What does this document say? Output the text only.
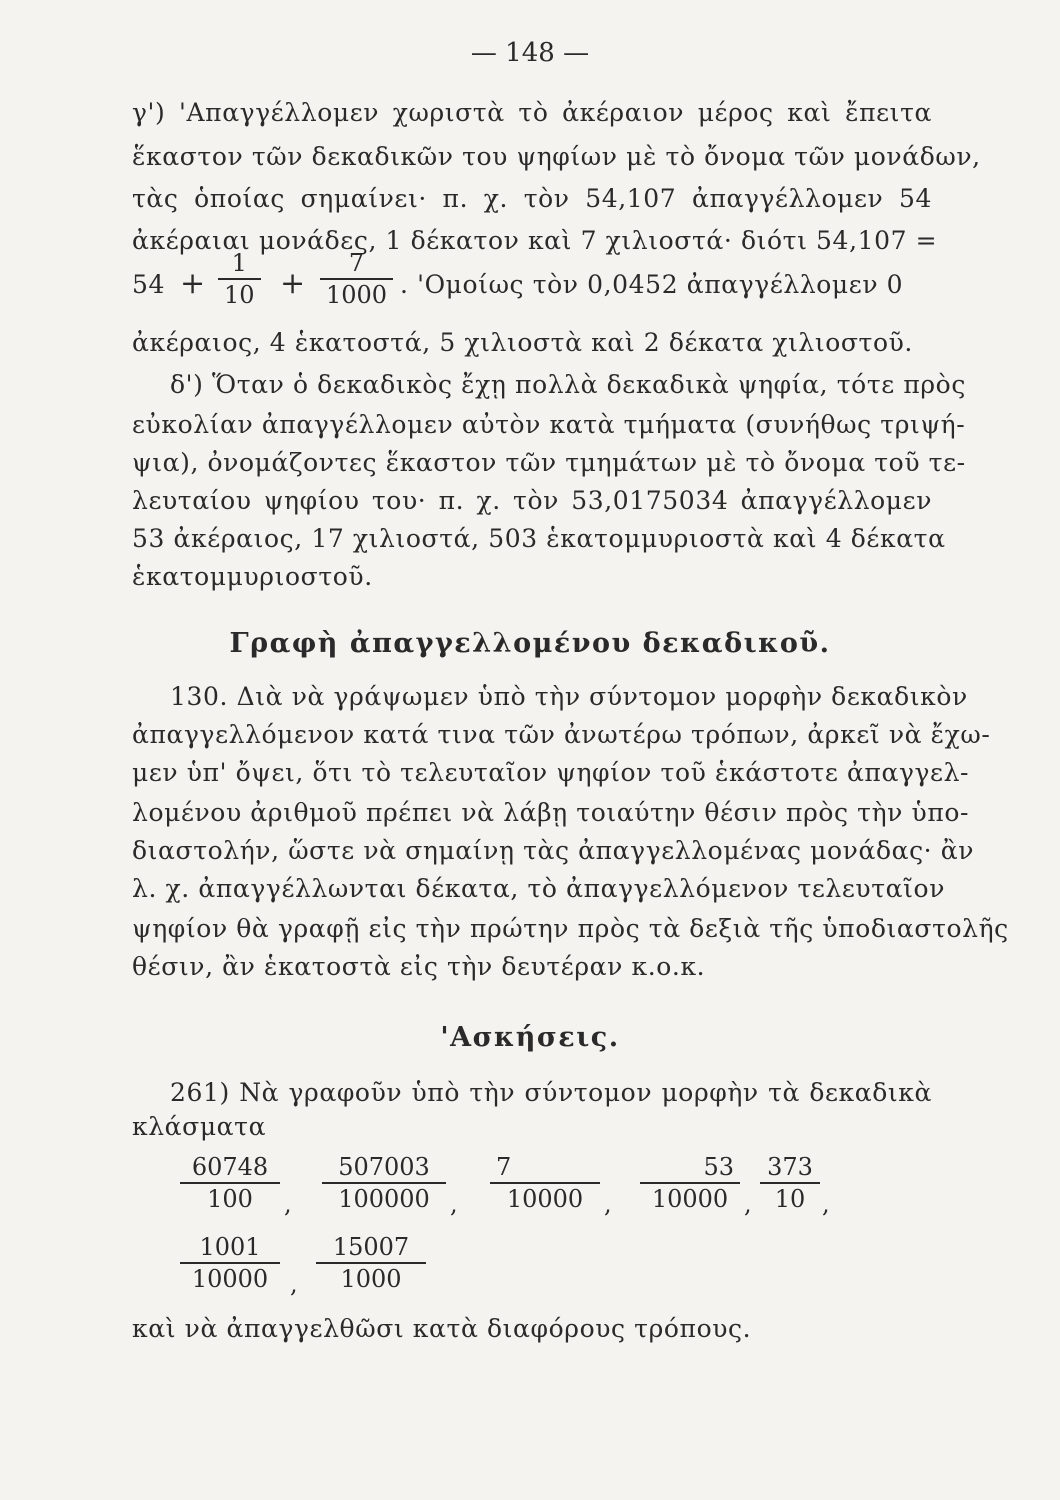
— 148 —
γ') 'Απαγγέλλομεν χωριστὰ τὸ ἀκέραιον μέρος καὶ ἔπειτα
ἕκαστον τῶν δεκαδικῶν του ψηφίων μὲ τὸ ὄνομα τῶν μονάδων,
τὰς ὁποίας σημαίνει· π. χ. τὸν 54,107 ἀπαγγέλλομεν 54
ἀκέραιαι μονάδες, 1 δέκατον καὶ 7 χιλιοστά· διότι 54,107 =
$54 + \frac{1}{10} + \frac{7}{1000}$ . 'Ομοίως τὸν 0,0452 ἀπαγγέλλομεν 0
ἀκέραιος, 4 ἑκατοστά, 5 χιλιοστὰ καὶ 2 δέκατα χιλιοστοῦ.
δ') Ὅταν ὁ δεκαδικὸς ἔχῃ πολλὰ δεκαδικὰ ψηφία, τότε πρὸς
εὐκολίαν ἀπαγγέλλομεν αὐτὸν κατὰ τμήματα (συνήθως τριψή-
ψια), ὀνομάζοντες ἕκαστον τῶν τμημάτων μὲ τὸ ὄνομα τοῦ τε-
λευταίου ψηφίου του· π. χ. τὸν 53,0175034 ἀπαγγέλλομεν
53 ἀκέραιος, 17 χιλιοστά, 503 ἑκατομμυριοστὰ καὶ 4 δέκατα
ἑκατομμυριοστοῦ.
Γραφὴ ἀπαγγελλομένου δεκαδικοῦ.
130. Διὰ νὰ γράψωμεν ὑπὸ τὴν σύντομον μορφὴν δεκαδικὸν
ἀπαγγελλόμενον κατά τινα τῶν ἀνωτέρω τρόπων, ἀρκεῖ νὰ ἔχω-
μεν ὑπ' ὄψει, ὅτι τὸ τελευταῖον ψηφίον τοῦ ἑκάστοτε ἀπαγγελ-
λομένου ἀριθμοῦ πρέπει νὰ λάβῃ τοιαύτην θέσιν πρὸς τὴν ὑπο-
διαστολήν, ὥστε νὰ σημαίνῃ τὰς ἀπαγγελλομένας μονάδας· ἂν
λ. χ. ἀπαγγέλλωνται δέκατα, τὸ ἀπαγγελλόμενον τελευταῖον
ψηφίον θὰ γραφῇ εἰς τὴν πρώτην πρὸς τὰ δεξιὰ τῆς ὑποδιαστολῆς
θέσιν, ἂν ἑκατοστὰ εἰς τὴν δευτέραν κ.ο.κ.
'Ασκήσεις.
261) Νὰ γραφοῦν ὑπὸ τὴν σύντομον μορφὴν τὰ δεκαδικὰ
κλάσματα
$\frac{60748}{100}$ , $\frac{507003}{100000}$ , $\frac{7}{10000}$ , $\frac{53}{10000}$ , $\frac{373}{10}$ ,
$\frac{1001}{10000}$ , $\frac{15007}{1000}$
καὶ νὰ ἀπαγγελθῶσι κατὰ διαφόρους τρόπους.
